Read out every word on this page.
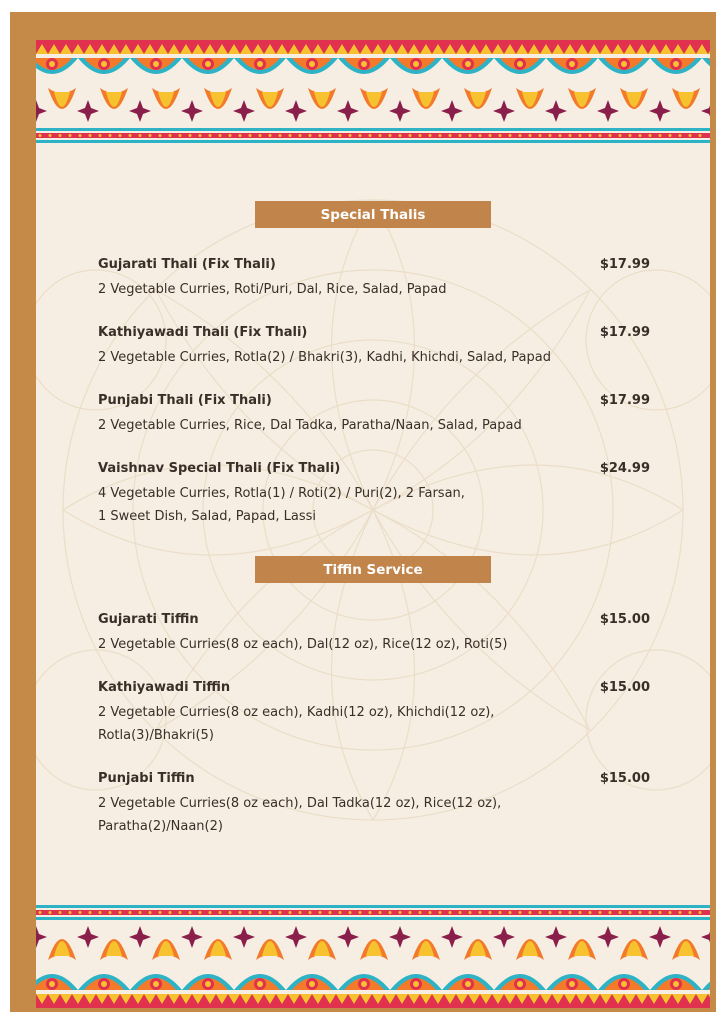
Special Thalis
Gujarati Thali (Fix Thali)	$17.99
2 Vegetable Curries, Roti/Puri, Dal, Rice, Salad, Papad
Kathiyawadi Thali (Fix Thali)	$17.99
2 Vegetable Curries, Rotla(2) / Bhakri(3), Kadhi, Khichdi, Salad, Papad
Punjabi Thali (Fix Thali)	$17.99
2 Vegetable Curries, Rice, Dal Tadka, Paratha/Naan, Salad, Papad
Vaishnav Special Thali (Fix Thali)	$24.99
4 Vegetable Curries, Rotla(1) / Roti(2) / Puri(2), 2 Farsan,
1 Sweet Dish, Salad, Papad, Lassi
Tiffin Service
Gujarati Tiffin	$15.00
2 Vegetable Curries(8 oz each), Dal(12 oz), Rice(12 oz), Roti(5)
Kathiyawadi Tiffin	$15.00
2 Vegetable Curries(8 oz each), Kadhi(12 oz), Khichdi(12 oz),
Rotla(3)/Bhakri(5)
Punjabi Tiffin	$15.00
2 Vegetable Curries(8 oz each), Dal Tadka(12 oz), Rice(12 oz),
Paratha(2)/Naan(2)
